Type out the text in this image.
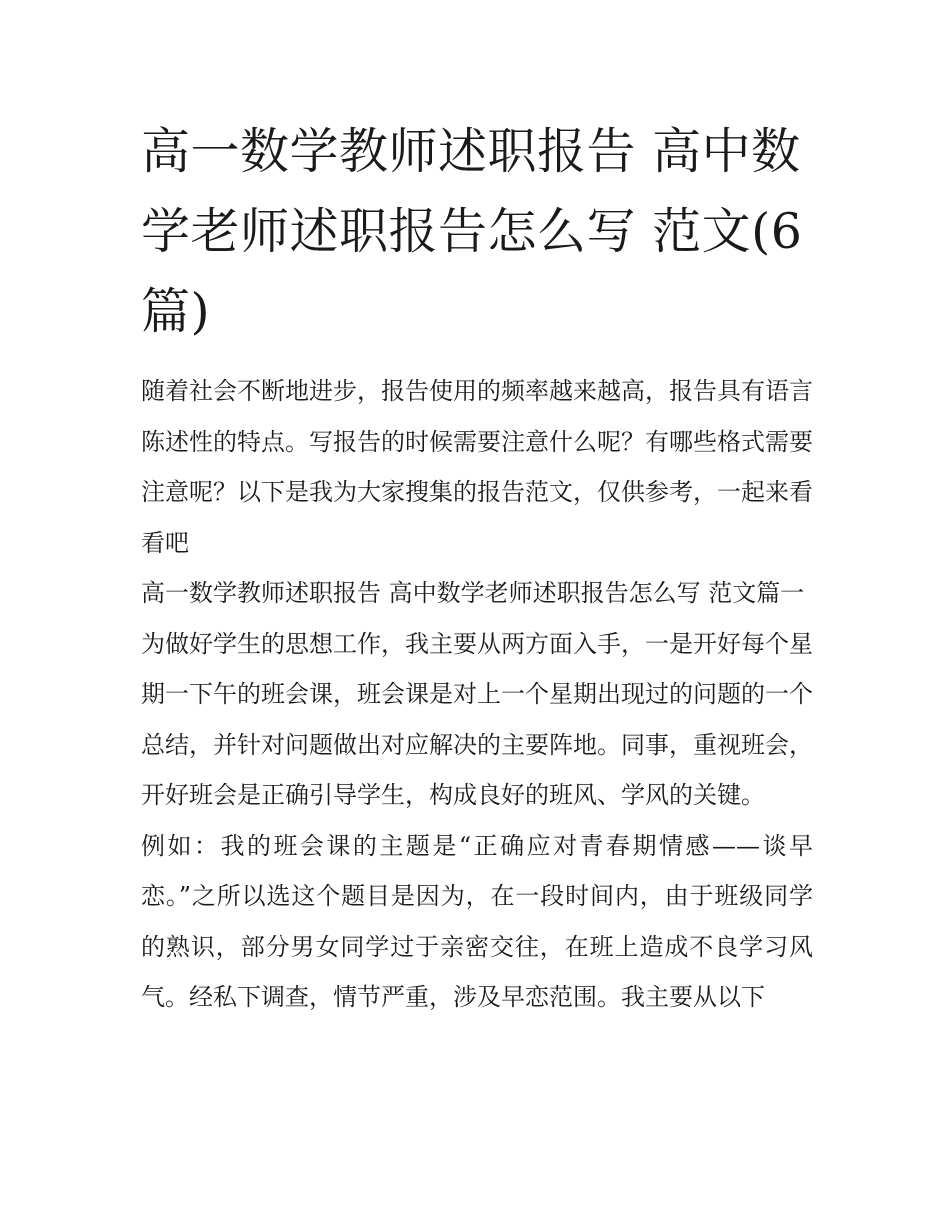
高一数学教师述职报告 高中数学老师述职报告怎么写 范文(6篇)

随着社会不断地进步，报告使用的频率越来越高，报告具有语言陈述性的特点。写报告的时候需要注意什么呢？有哪些格式需要注意呢？以下是我为大家搜集的报告范文，仅供参考，一起来看看吧

高一数学教师述职报告 高中数学老师述职报告怎么写 范文篇一

为做好学生的思想工作，我主要从两方面入手，一是开好每个星期一下午的班会课，班会课是对上一个星期出现过的问题的一个总结，并针对问题做出对应解决的主要阵地。同事，重视班会，开好班会是正确引导学生，构成良好的班风、学风的关键。

例如：我的班会课的主题是“正确应对青春期情感——谈早恋。”之所以选这个题目是因为，在一段时间内，由于班级同学的熟识，部分男女同学过于亲密交往，在班上造成不良学习风气。经私下调查，情节严重，涉及早恋范围。我主要从以下
